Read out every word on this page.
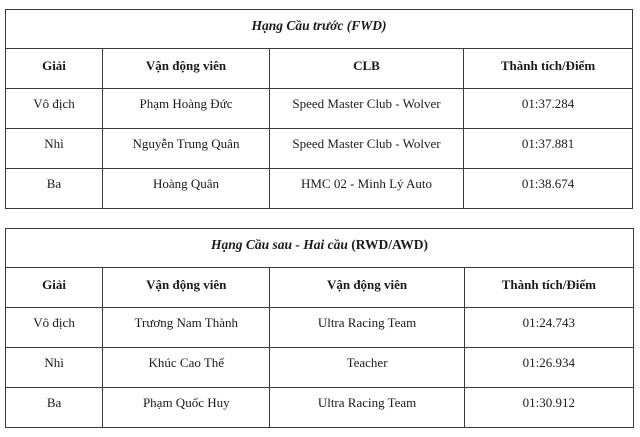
Hạng Cầu trước (FWD)			
Giải	Vận động viên	CLB	Thành tích/Điểm
Vô địch	Phạm Hoàng Đức	Speed Master Club - Wolver	01:37.284
Nhì	Nguyễn Trung Quân	Speed Master Club - Wolver	01:37.881
Ba	Hoàng Quân	HMC 02 - Minh Lý Auto	01:38.674
Hạng Cầu sau - Hai cầu (RWD/AWD)			
Giải	Vận động viên	Vận động viên	Thành tích/Điểm
Vô địch	Trương Nam Thành	Ultra Racing Team	01:24.743
Nhì	Khúc Cao Thế	Teacher	01:26.934
Ba	Phạm Quốc Huy	Ultra Racing Team	01:30.912
